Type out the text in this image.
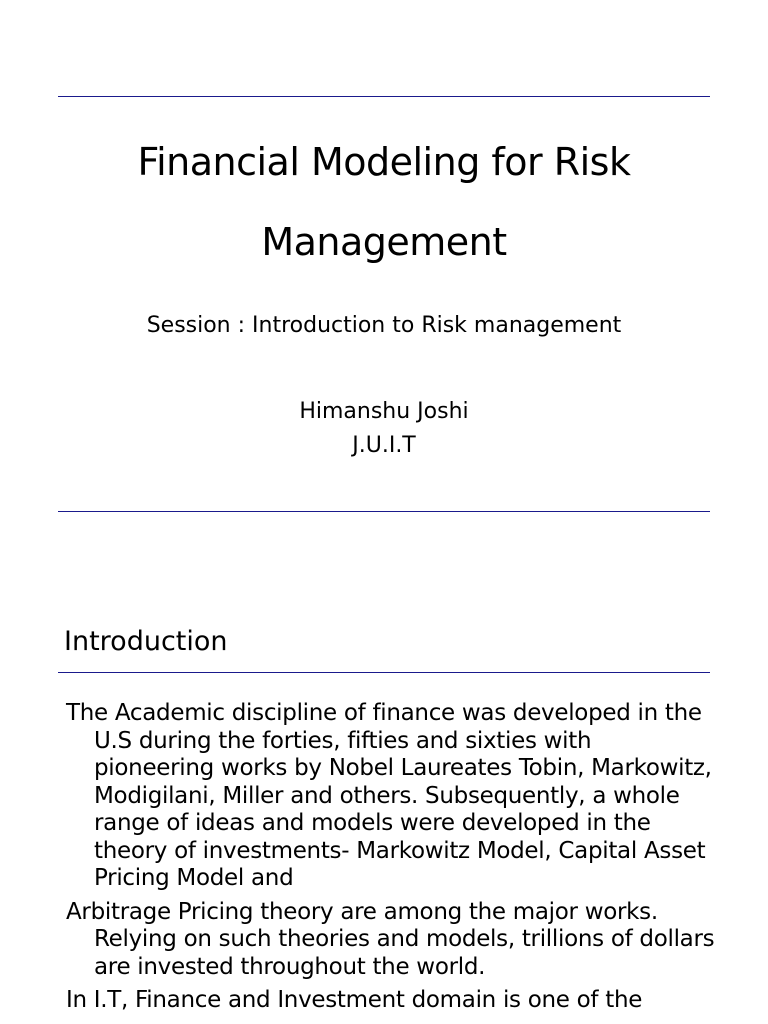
Financial Modeling for Risk Management
Session : Introduction to Risk management
Himanshu Joshi
J.U.I.T
Introduction

The Academic discipline of finance was developed in the U.S during the forties, fifties and sixties with pioneering works by Nobel Laureates Tobin, Markowitz, Modigilani, Miller and others. Subsequently, a whole range of ideas and models were developed in the theory of investments- Markowitz Model, Capital Asset Pricing Model and

Arbitrage Pricing theory are among the major works. Relying on such theories and models, trillions of dollars are invested throughout the world.

In I.T, Finance and Investment domain is one of the
